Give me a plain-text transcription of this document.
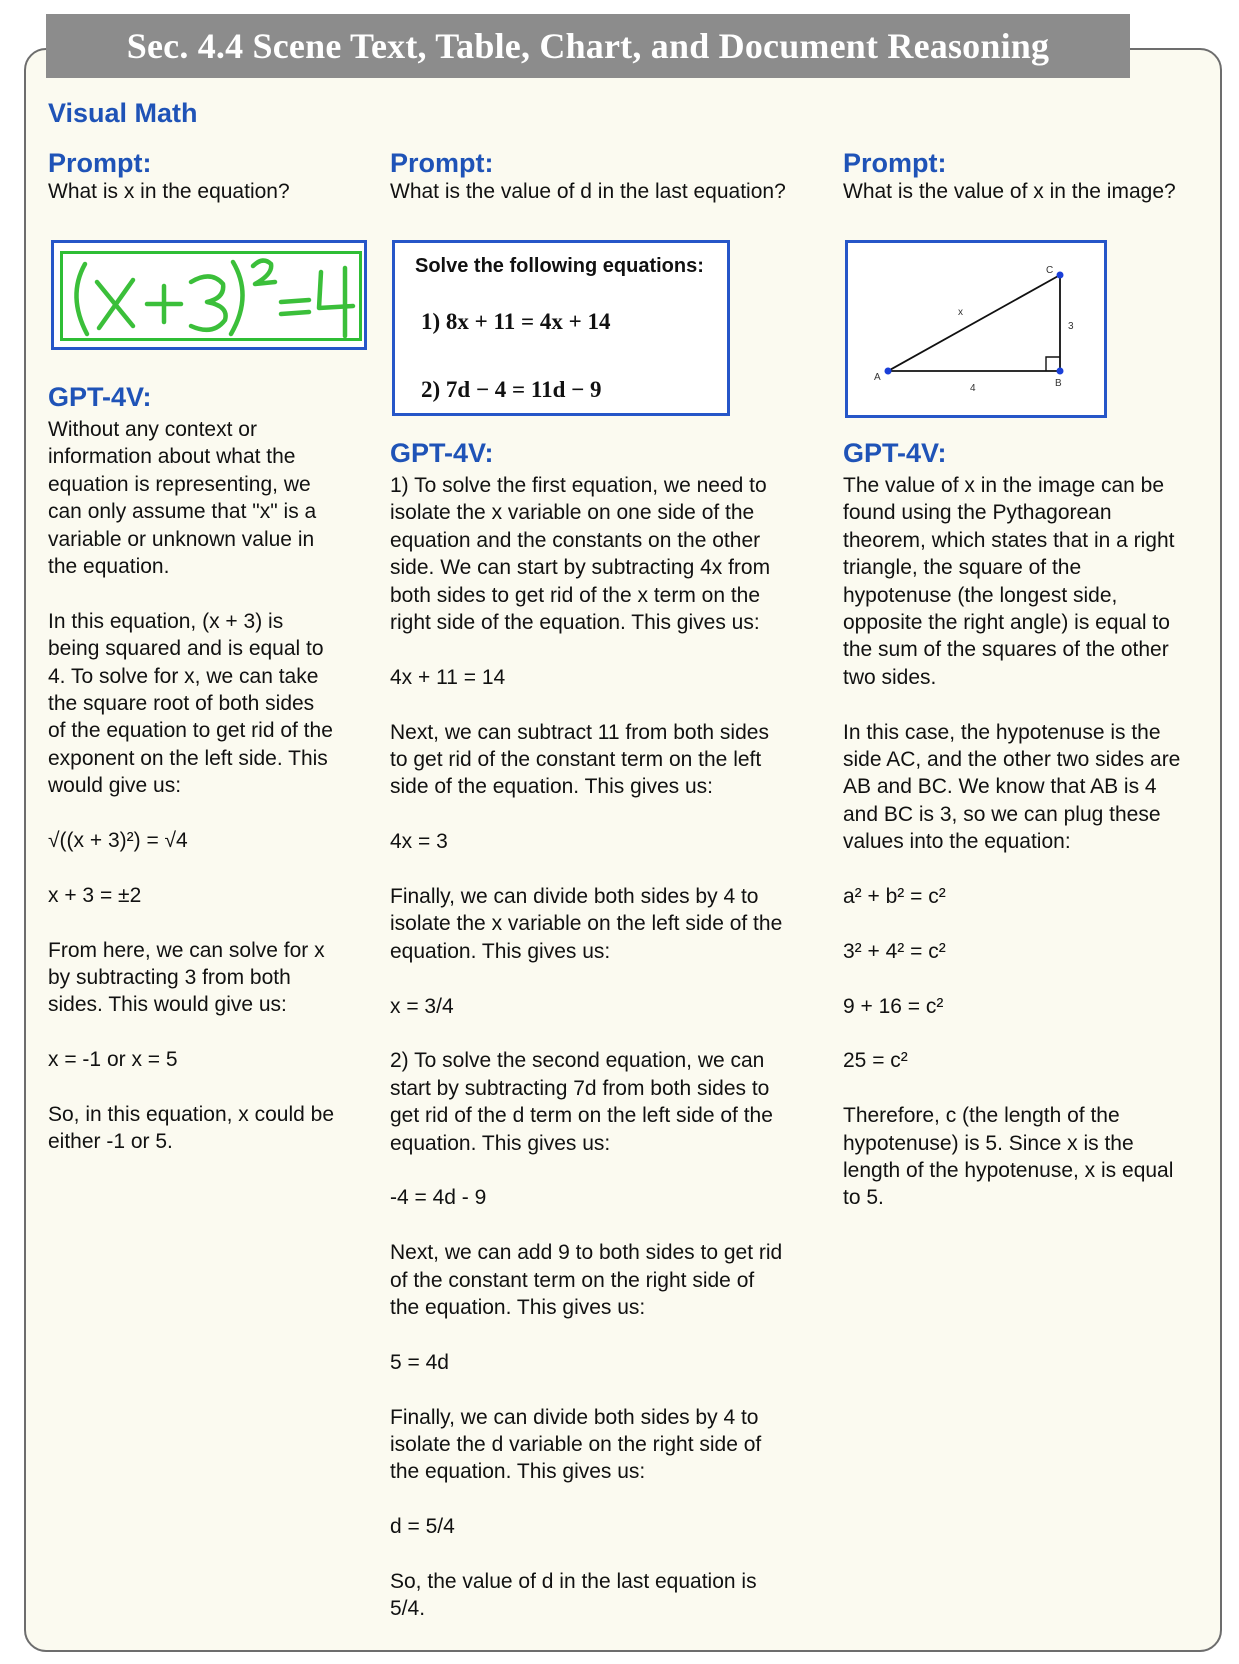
Sec. 4.4 Scene Text, Table, Chart, and Document Reasoning
Visual Math
Prompt:
What is x in the equation?
GPT-4V:
Without any context or
information about what the
equation is representing, we
can only assume that "x" is a
variable or unknown value in
the equation.
In this equation, (x + 3) is
being squared and is equal to
4. To solve for x, we can take
the square root of both sides
of the equation to get rid of the
exponent on the left side. This
would give us:
√((x + 3)²) = √4
x + 3 = ±2
From here, we can solve for x
by subtracting 3 from both
sides. This would give us:
x = -1 or x = 5
So, in this equation, x could be
either -1 or 5.
Prompt:
What is the value of d in the last equation?
Solve the following equations:
1) 8x + 11 = 4x + 14
2) 7d − 4 = 11d − 9
GPT-4V:
1) To solve the first equation, we need to
isolate the x variable on one side of the
equation and the constants on the other
side. We can start by subtracting 4x from
both sides to get rid of the x term on the
right side of the equation. This gives us:
4x + 11 = 14
Next, we can subtract 11 from both sides
to get rid of the constant term on the left
side of the equation. This gives us:
4x = 3
Finally, we can divide both sides by 4 to
isolate the x variable on the left side of the
equation. This gives us:
x = 3/4
2) To solve the second equation, we can
start by subtracting 7d from both sides to
get rid of the d term on the left side of the
equation. This gives us:
-4 = 4d - 9
Next, we can add 9 to both sides to get rid
of the constant term on the right side of
the equation. This gives us:
5 = 4d
Finally, we can divide both sides by 4 to
isolate the d variable on the right side of
the equation. This gives us:
d = 5/4
So, the value of d in the last equation is
5/4.
Prompt:
What is the value of x in the image?
A
B
C
x
3
4
GPT-4V:
The value of x in the image can be
found using the Pythagorean
theorem, which states that in a right
triangle, the square of the
hypotenuse (the longest side,
opposite the right angle) is equal to
the sum of the squares of the other
two sides.
In this case, the hypotenuse is the
side AC, and the other two sides are
AB and BC. We know that AB is 4
and BC is 3, so we can plug these
values into the equation:
a² + b² = c²
3² + 4² = c²
9 + 16 = c²
25 = c²
Therefore, c (the length of the
hypotenuse) is 5. Since x is the
length of the hypotenuse, x is equal
to 5.
